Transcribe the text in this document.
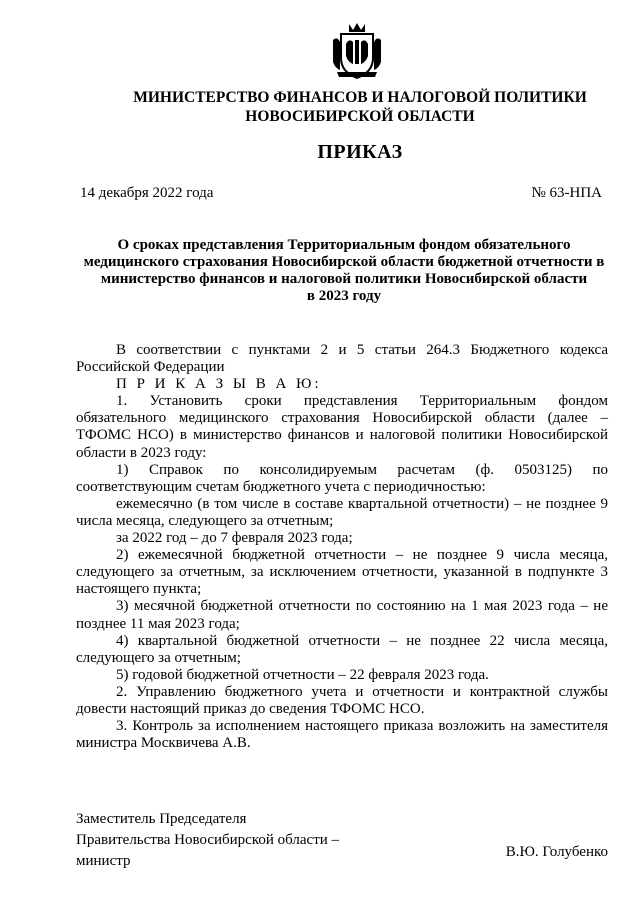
МИНИСТЕРСТВО ФИНАНСОВ И НАЛОГОВОЙ ПОЛИТИКИ
НОВОСИБИРСКОЙ ОБЛАСТИ
ПРИКАЗ
14 декабря 2022 года	№ 63-НПА
О сроках представления Территориальным фондом обязательного
медицинского страхования Новосибирской области бюджетной отчетности в
министерство финансов и налоговой политики Новосибирской области
в 2023 году

В соответствии с пунктами 2 и 5 статьи 264.3 Бюджетного кодекса Российской Федерации

П Р И К А З Ы В А Ю:

1. Установить сроки представления Территориальным фондом обязательного медицинского страхования Новосибирской области (далее – ТФОМС НСО) в министерство финансов и налоговой политики Новосибирской области в 2023 году:

1) Справок по консолидируемым расчетам (ф. 0503125) по соответствующим счетам бюджетного учета с периодичностью:

ежемесячно (в том числе в составе квартальной отчетности) – не позднее 9 числа месяца, следующего за отчетным;

за 2022 год – до 7 февраля 2023 года;

2) ежемесячной бюджетной отчетности – не позднее 9 числа месяца, следующего за отчетным, за исключением отчетности, указанной в подпункте 3 настоящего пункта;

3) месячной бюджетной отчетности по состоянию на 1 мая 2023 года – не позднее 11 мая 2023 года;

4) квартальной бюджетной отчетности – не позднее 22 числа месяца, следующего за отчетным;

5) годовой бюджетной отчетности – 22 февраля 2023 года.

2. Управлению бюджетного учета и отчетности и контрактной службы довести настоящий приказ до сведения ТФОМС НСО.

3. Контроль за исполнением настоящего приказа возложить на заместителя министра Москвичева А.В.

Заместитель Председателя
Правительства Новосибирской области –
министр
В.Ю. Голубенко
